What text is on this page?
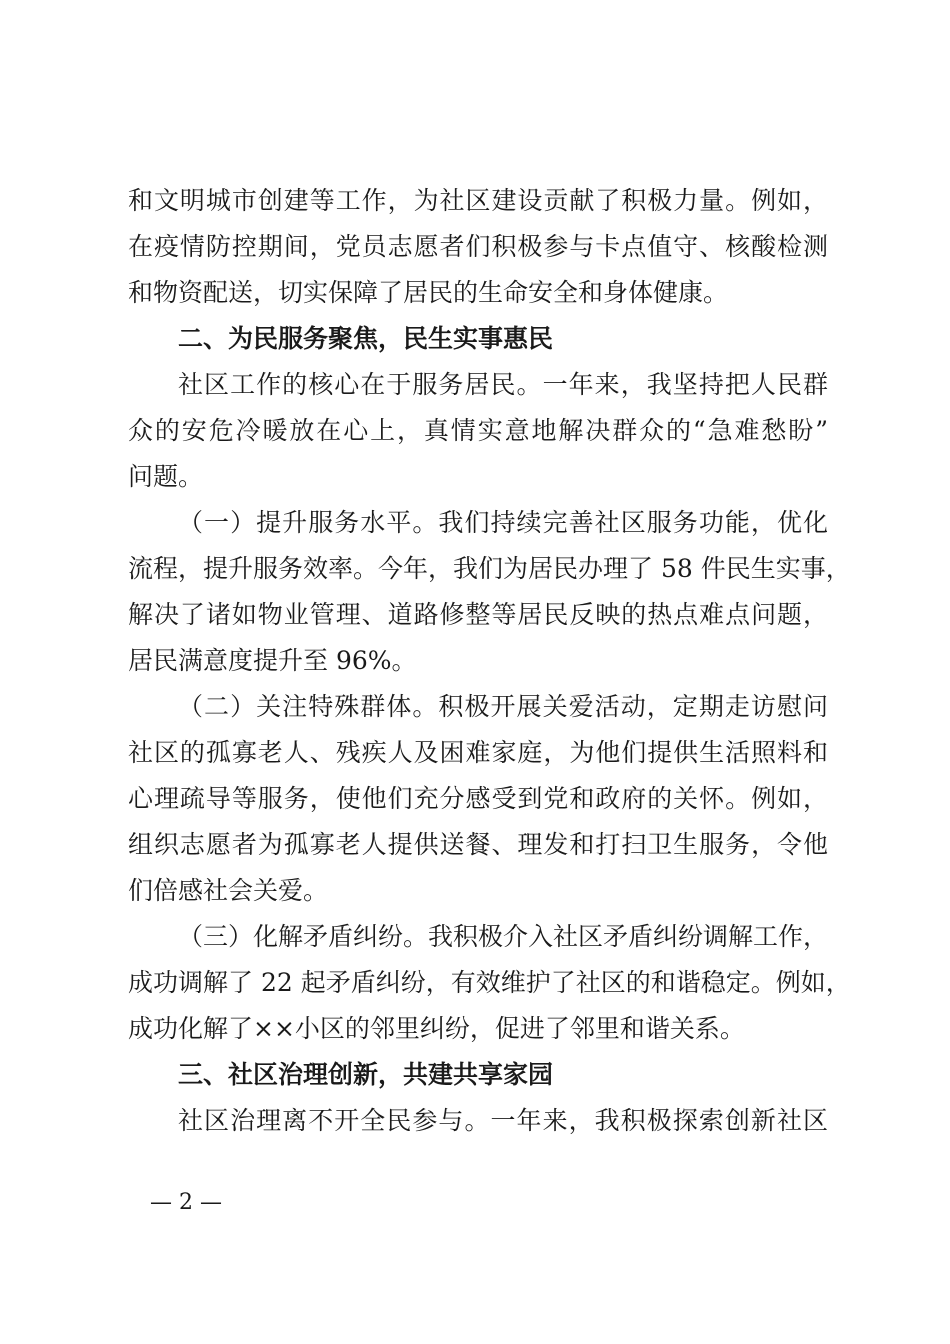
和文明城市创建等工作，为社区建设贡献了积极力量。例如，
在疫情防控期间，党员志愿者们积极参与卡点值守、核酸检测
和物资配送，切实保障了居民的生命安全和身体健康。
二、为民服务聚焦，民生实事惠民
社区工作的核心在于服务居民。一年来，我坚持把人民群
众的安危冷暖放在心上，真情实意地解决群众的“急难愁盼”
问题。
（一）提升服务水平。我们持续完善社区服务功能，优化
流程，提升服务效率。今年，我们为居民办理了 58 件民生实事，
解决了诸如物业管理、道路修整等居民反映的热点难点问题，
居民满意度提升至 96%。
（二）关注特殊群体。积极开展关爱活动，定期走访慰问
社区的孤寡老人、残疾人及困难家庭，为他们提供生活照料和
心理疏导等服务，使他们充分感受到党和政府的关怀。例如，
组织志愿者为孤寡老人提供送餐、理发和打扫卫生服务，令他
们倍感社会关爱。
（三）化解矛盾纠纷。我积极介入社区矛盾纠纷调解工作，
成功调解了 22 起矛盾纠纷，有效维护了社区的和谐稳定。例如，
成功化解了××小区的邻里纠纷，促进了邻里和谐关系。
三、社区治理创新，共建共享家园
社区治理离不开全民参与。一年来，我积极探索创新社区
— 2 —
